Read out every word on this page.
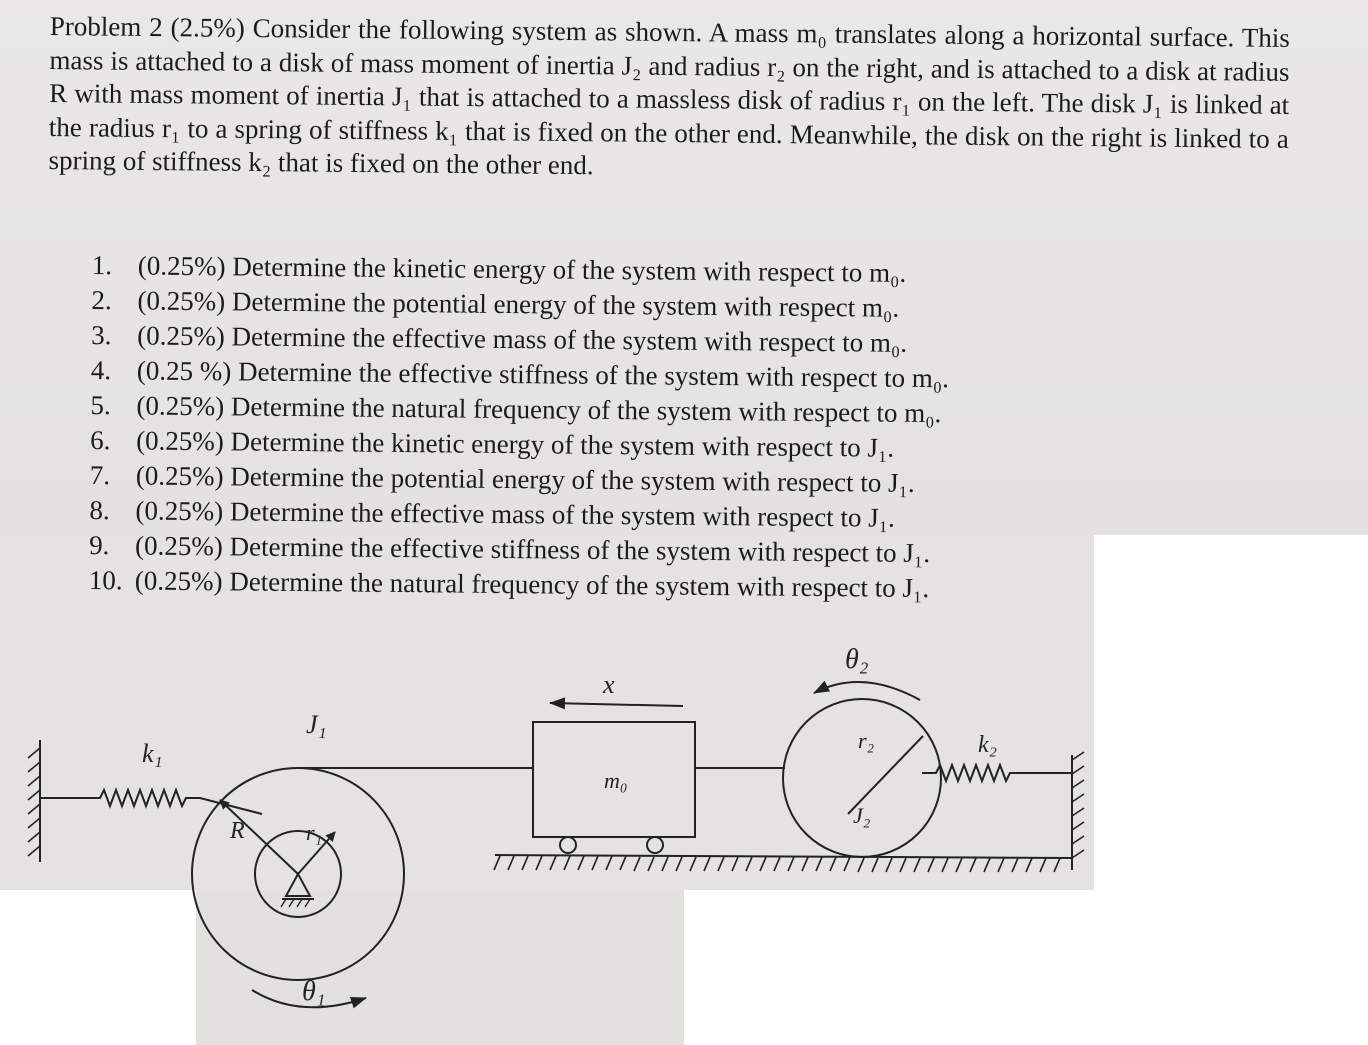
Problem 2 (2.5%) Consider the following system as shown. A mass m₀ translates along a horizontal surface. This mass is attached to a disk of mass moment of inertia J₂ and radius r₂ on the right, and is attached to a disk at radius R with mass moment of inertia J₁ that is attached to a massless disk of radius r₁ on the left. The disk J₁ is linked at the radius r₁ to a spring of stiffness k₁ that is fixed on the other end. Meanwhile, the disk on the right is linked to a spring of stiffness k₂ that is fixed on the other end.

1. (0.25%) Determine the kinetic energy of the system with respect to m₀.
2. (0.25%) Determine the potential energy of the system with respect m₀.
3. (0.25%) Determine the effective mass of the system with respect to m₀.
4. (0.25 %) Determine the effective stiffness of the system with respect to m₀.
5. (0.25%) Determine the natural frequency of the system with respect to m₀.
6. (0.25%) Determine the kinetic energy of the system with respect to J₁.
7. (0.25%) Determine the potential energy of the system with respect to J₁.
8. (0.25%) Determine the effective mass of the system with respect to J₁.
9. (0.25%) Determine the effective stiffness of the system with respect to J₁.
10. (0.25%) Determine the natural frequency of the system with respect to J₁.
θ₂
x
J₁
k₁
m₀
r₂	k₂
J₂
R	r₁
θ₁
